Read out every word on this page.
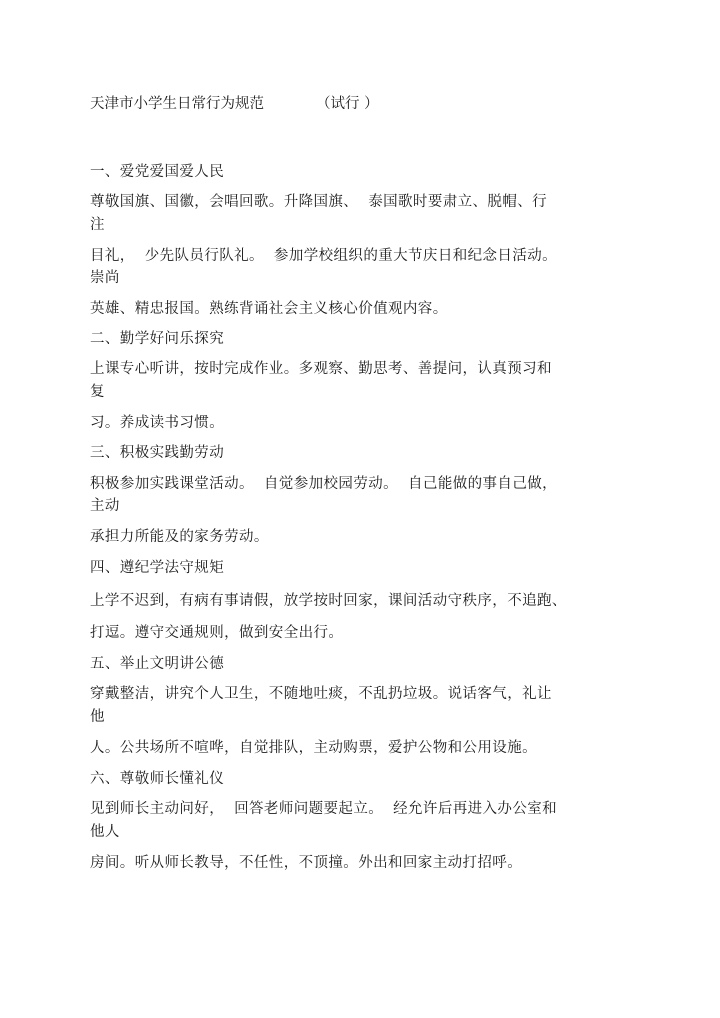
天津市小学生日常行为规范	（试行 ）
一、爱党爱国爱人民
尊敬国旗、国徽，会唱回歌。升降国旗、  泰国歌时要肃立、脱帽、行
注
目礼，  少先队员行队礼。  参加学校组织的重大节庆日和纪念日活动。
崇尚
英雄、精忠报国。熟练背诵社会主义核心价值观内容。
二、勤学好问乐探究
上课专心听讲，按时完成作业。多观察、勤思考、善提问，认真预习和
复
习。养成读书习惯。
三、积极实践勤劳动
积极参加实践课堂活动。  自觉参加校园劳动。  自己能做的事自己做，
主动
承担力所能及的家务劳动。
四、遵纪学法守规矩
上学不迟到，有病有事请假，放学按时回家，课间活动守秩序，不追跑、
打逗。遵守交通规则，做到安全出行。
五、举止文明讲公德
穿戴整洁，讲究个人卫生，不随地吐痰，不乱扔垃圾。说话客气，礼让
他
人。公共场所不喧哗，自觉排队，主动购票，爱护公物和公用设施。
六、尊敬师长懂礼仪
见到师长主动问好，  回答老师问题要起立。  经允许后再进入办公室和
他人
房间。听从师长教导，不任性，不顶撞。外出和回家主动打招呼。
